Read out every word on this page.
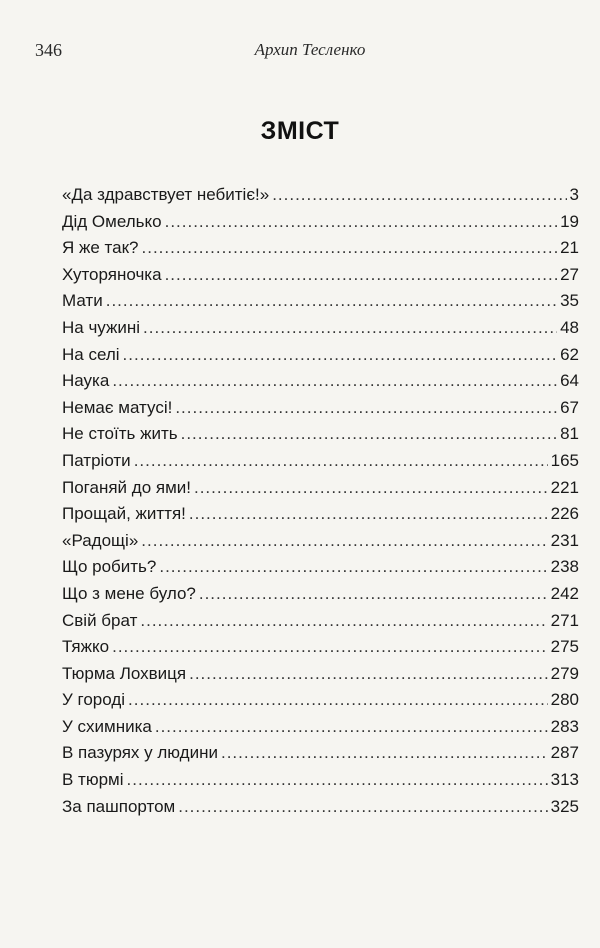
346	Архип Тесленко
ЗМІСТ
«Да здравствует небитіє!» .....	3
Дід Омелько .....	19
Я же так? .....	21
Хуторяночка .....	27
Мати .....	35
На чужині .....	48
На селі .....	62
Наука .....	64
Немає матусі! .....	67
Не стоїть жить .....	81
Патріоти .....	165
Поганяй до ями! .....	221
Прощай, життя! .....	226
«Радощі» .....	231
Що робить? .....	238
Що з мене було? .....	242
Свій брат .....	271
Тяжко .....	275
Тюрма Лохвиця .....	279
У городі .....	280
У схимника .....	283
В пазурях у людини .....	287
В тюрмі .....	313
За пашпортом .....	325
